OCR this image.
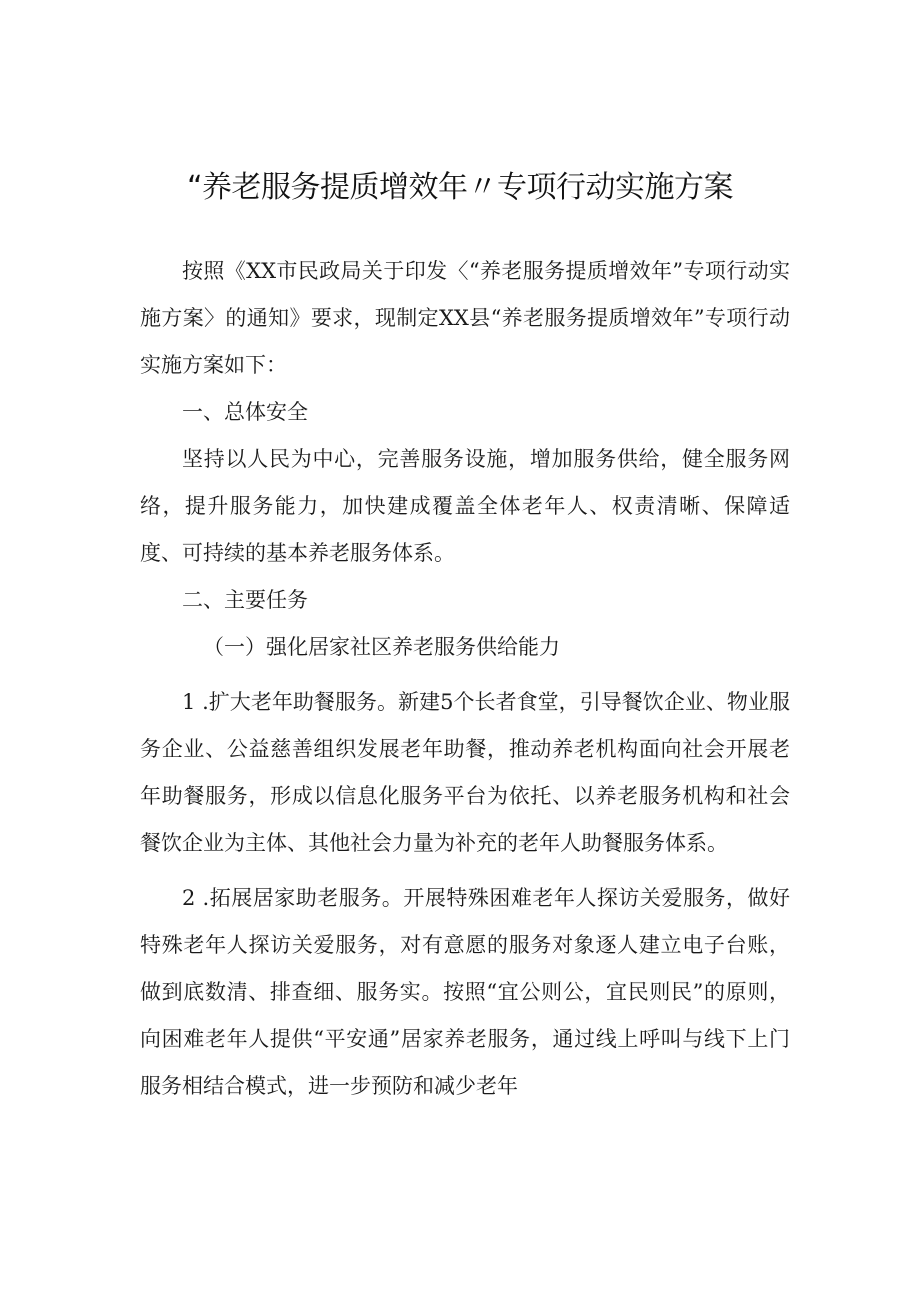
“养老服务提质增效年〃专项行动实施方案

按照《XX市民政局关于印发〈“养老服务提质增效年”专项行动实施方案〉的通知》要求，现制定XX县“养老服务提质增效年”专项行动实施方案如下：

一、总体安全

坚持以人民为中心，完善服务设施，增加服务供给，健全服务网络，提升服务能力，加快建成覆盖全体老年人、权责清晰、保障适度、可持续的基本养老服务体系。

二、主要任务

（一）强化居家社区养老服务供给能力

1 .扩大老年助餐服务。新建5个长者食堂，引导餐饮企业、物业服务企业、公益慈善组织发展老年助餐，推动养老机构面向社会开展老年助餐服务，形成以信息化服务平台为依托、以养老服务机构和社会餐饮企业为主体、其他社会力量为补充的老年人助餐服务体系。

2 .拓展居家助老服务。开展特殊困难老年人探访关爱服务，做好特殊老年人探访关爱服务，对有意愿的服务对象逐人建立电子台账，做到底数清、排查细、服务实。按照“宜公则公，宜民则民”的原则，向困难老年人提供“平安通”居家养老服务，通过线上呼叫与线下上门服务相结合模式，进一步预防和减少老年
